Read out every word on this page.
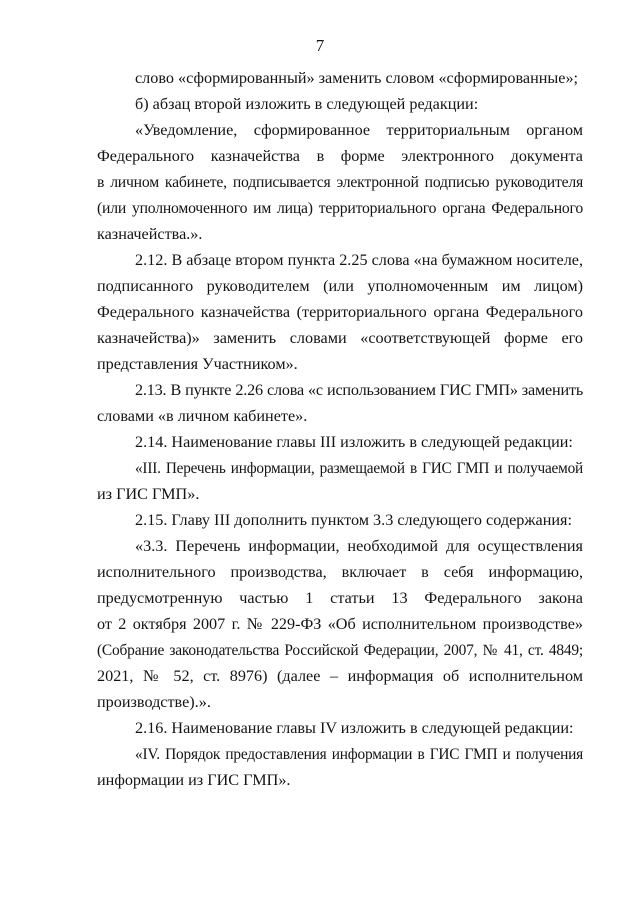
7
слово «сформированный» заменить словом «сформированные»;
б) абзац второй изложить в следующей редакции:
«Уведомление, сформированное территориальным органом
Федерального казначейства в форме электронного документа
в личном кабинете, подписывается электронной подписью руководителя
(или уполномоченного им лица) территориального органа Федерального
казначейства.».
2.12. В абзаце втором пункта 2.25 слова «на бумажном носителе,
подписанного руководителем (или уполномоченным им лицом)
Федерального казначейства (территориального органа Федерального
казначейства)» заменить словами «соответствующей форме его
представления Участником».
2.13. В пункте 2.26 слова «с использованием ГИС ГМП» заменить
словами «в личном кабинете».
2.14. Наименование главы III изложить в следующей редакции:
«III. Перечень информации, размещаемой в ГИС ГМП и получаемой
из ГИС ГМП».
2.15. Главу III дополнить пунктом 3.3 следующего содержания:
«3.3. Перечень информации, необходимой для осуществления
исполнительного производства, включает в себя информацию,
предусмотренную частью 1 статьи 13 Федерального закона
от 2 октября 2007 г. № 229-ФЗ «Об исполнительном производстве»
(Собрание законодательства Российской Федерации, 2007, № 41, ст. 4849;
2021, № 52, ст. 8976) (далее – информация об исполнительном
производстве).».
2.16. Наименование главы IV изложить в следующей редакции:
«IV. Порядок предоставления информации в ГИС ГМП и получения
информации из ГИС ГМП».
